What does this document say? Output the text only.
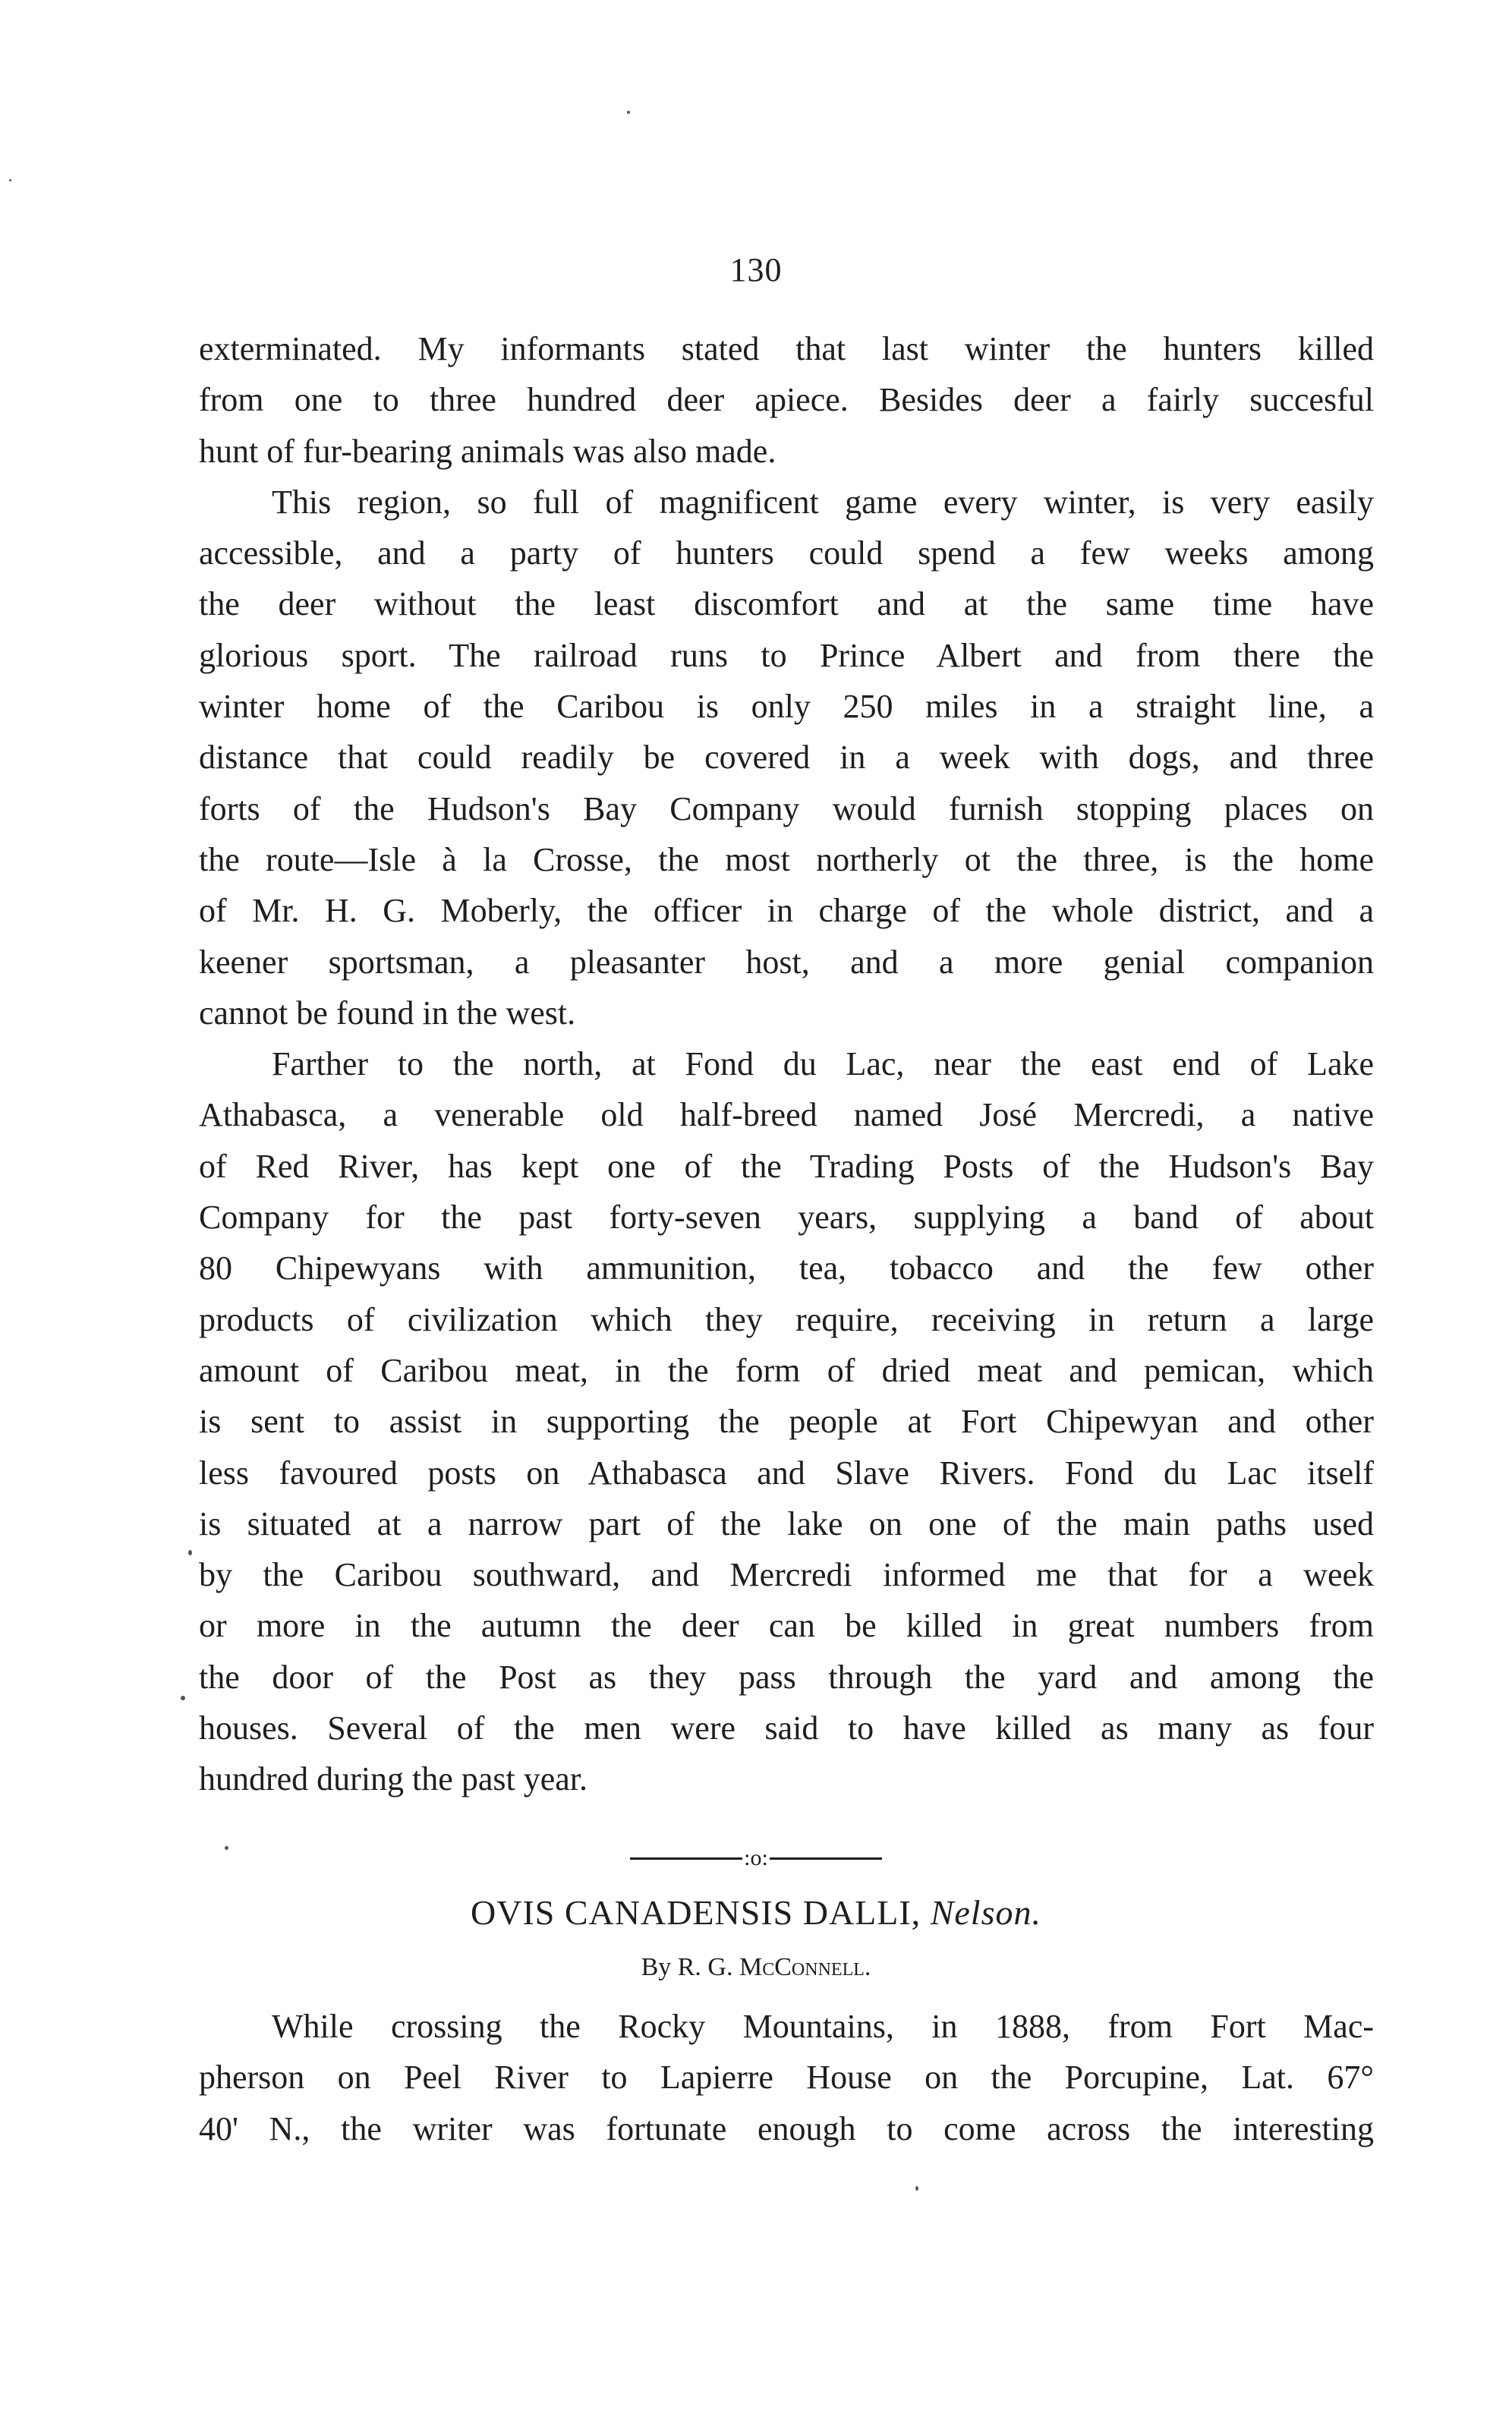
130

exterminated. My informants stated that last winter the hunters killed

from one to three hundred deer apiece. Besides deer a fairly succesful

hunt of fur-bearing animals was also made.

This region, so full of magnificent game every winter, is very easily

accessible, and a party of hunters could spend a few weeks among

the deer without the least discomfort and at the same time have

glorious sport. The railroad runs to Prince Albert and from there the

winter home of the Caribou is only 250 miles in a straight line, a

distance that could readily be covered in a week with dogs, and three

forts of the Hudson's Bay Company would furnish stopping places on

the route—Isle à la Crosse, the most northerly ot the three, is the home

of Mr. H. G. Moberly, the officer in charge of the whole district, and a

keener sportsman, a pleasanter host, and a more genial companion

cannot be found in the west.

Farther to the north, at Fond du Lac, near the east end of Lake

Athabasca, a venerable old half-breed named José Mercredi, a native

of Red River, has kept one of the Trading Posts of the Hudson's Bay

Company for the past forty-seven years, supplying a band of about

80 Chipewyans with ammunition, tea, tobacco and the few other

products of civilization which they require, receiving in return a large

amount of Caribou meat, in the form of dried meat and pemican, which

is sent to assist in supporting the people at Fort Chipewyan and other

less favoured posts on Athabasca and Slave Rivers. Fond du Lac itself

is situated at a narrow part of the lake on one of the main paths used

by the Caribou southward, and Mercredi informed me that for a week

or more in the autumn the deer can be killed in great numbers from

the door of the Post as they pass through the yard and among the

houses. Several of the men were said to have killed as many as four

hundred during the past year.

:o:
OVIS CANADENSIS DALLI, Nelson.
By R. G. McConnell.

While crossing the Rocky Mountains, in 1888, from Fort Mac-

pherson on Peel River to Lapierre House on the Porcupine, Lat. 67°

40' N., the writer was fortunate enough to come across the interesting
